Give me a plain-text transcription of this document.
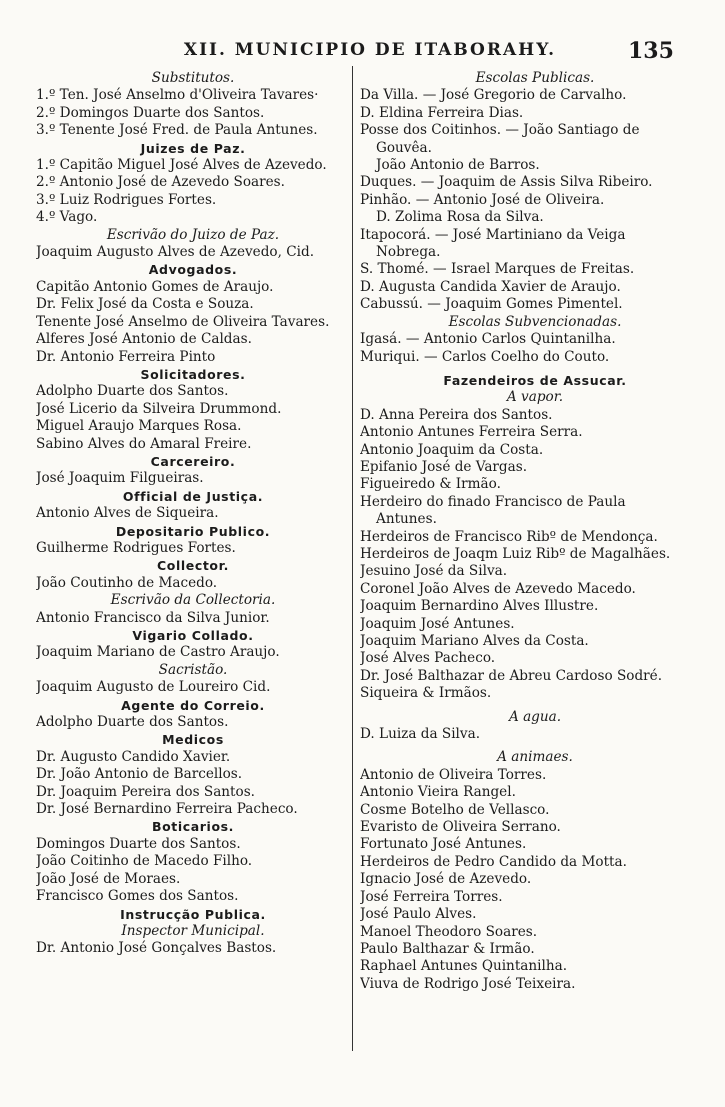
XII. MUNICIPIO DE ITABORAHY.	135
Substitutos.
1.º Ten. José Anselmo d'Oliveira Tavares·
2.º Domingos Duarte dos Santos.
3.º Tenente José Fred. de Paula Antunes.
Juizes de Paz.
1.º Capitão Miguel José Alves de Azevedo.
2.º Antonio José de Azevedo Soares.
3.º Luiz Rodrigues Fortes.
4.º Vago.
Escrivão do Juizo de Paz.
Joaquim Augusto Alves de Azevedo, Cid.
Advogados.
Capitão Antonio Gomes de Araujo.
Dr. Felix José da Costa e Souza.
Tenente José Anselmo de Oliveira Tavares.
Alferes José Antonio de Caldas.
Dr. Antonio Ferreira Pinto
Solicitadores.
Adolpho Duarte dos Santos.
José Licerio da Silveira Drummond.
Miguel Araujo Marques Rosa.
Sabino Alves do Amaral Freire.
Carcereiro.
José Joaquim Filgueiras.
Official de Justiça.
Antonio Alves de Siqueira.
Depositario Publico.
Guilherme Rodrigues Fortes.
Collector.
João Coutinho de Macedo.
Escrivão da Collectoria.
Antonio Francisco da Silva Junior.
Vigario Collado.
Joaquim Mariano de Castro Araujo.
Sacristão.
Joaquim Augusto de Loureiro Cid.
Agente do Correio.
Adolpho Duarte dos Santos.
Medicos
Dr. Augusto Candido Xavier.
Dr. João Antonio de Barcellos.
Dr. Joaquim Pereira dos Santos.
Dr. José Bernardino Ferreira Pacheco.
Boticarios.
Domingos Duarte dos Santos.
João Coitinho de Macedo Filho.
João José de Moraes.
Francisco Gomes dos Santos.
Instrucção Publica.
Inspector Municipal.
Dr. Antonio José Gonçalves Bastos.
Escolas Publicas.
Da Villa. — José Gregorio de Carvalho.
D. Eldina Ferreira Dias.
Posse dos Coitinhos. — João Santiago de
Gouvêa.
João Antonio de Barros.
Duques. — Joaquim de Assis Silva Ribeiro.
Pinhão. — Antonio José de Oliveira.
D. Zolima Rosa da Silva.
Itapocorá. — José Martiniano da Veiga
Nobrega.
S. Thomé. — Israel Marques de Freitas.
D. Augusta Candida Xavier de Araujo.
Cabussú. — Joaquim Gomes Pimentel.
Escolas Subvencionadas.
Igasá. — Antonio Carlos Quintanilha.
Muriqui. — Carlos Coelho do Couto.
Fazendeiros de Assucar.
A vapor.
D. Anna Pereira dos Santos.
Antonio Antunes Ferreira Serra.
Antonio Joaquim da Costa.
Epifanio José de Vargas.
Figueiredo & Irmão.
Herdeiro do finado Francisco de Paula
Antunes.
Herdeiros de Francisco Ribº de Mendonça.
Herdeiros de Joaqm Luiz Ribº de Magalhães.
Jesuino José da Silva.
Coronel João Alves de Azevedo Macedo.
Joaquim Bernardino Alves Illustre.
Joaquim José Antunes.
Joaquim Mariano Alves da Costa.
José Alves Pacheco.
Dr. José Balthazar de Abreu Cardoso Sodré.
Siqueira & Irmãos.
A agua.
D. Luiza da Silva.
A animaes.
Antonio de Oliveira Torres.
Antonio Vieira Rangel.
Cosme Botelho de Vellasco.
Evaristo de Oliveira Serrano.
Fortunato José Antunes.
Herdeiros de Pedro Candido da Motta.
Ignacio José de Azevedo.
José Ferreira Torres.
José Paulo Alves.
Manoel Theodoro Soares.
Paulo Balthazar & Irmão.
Raphael Antunes Quintanilha.
Viuva de Rodrigo José Teixeira.
